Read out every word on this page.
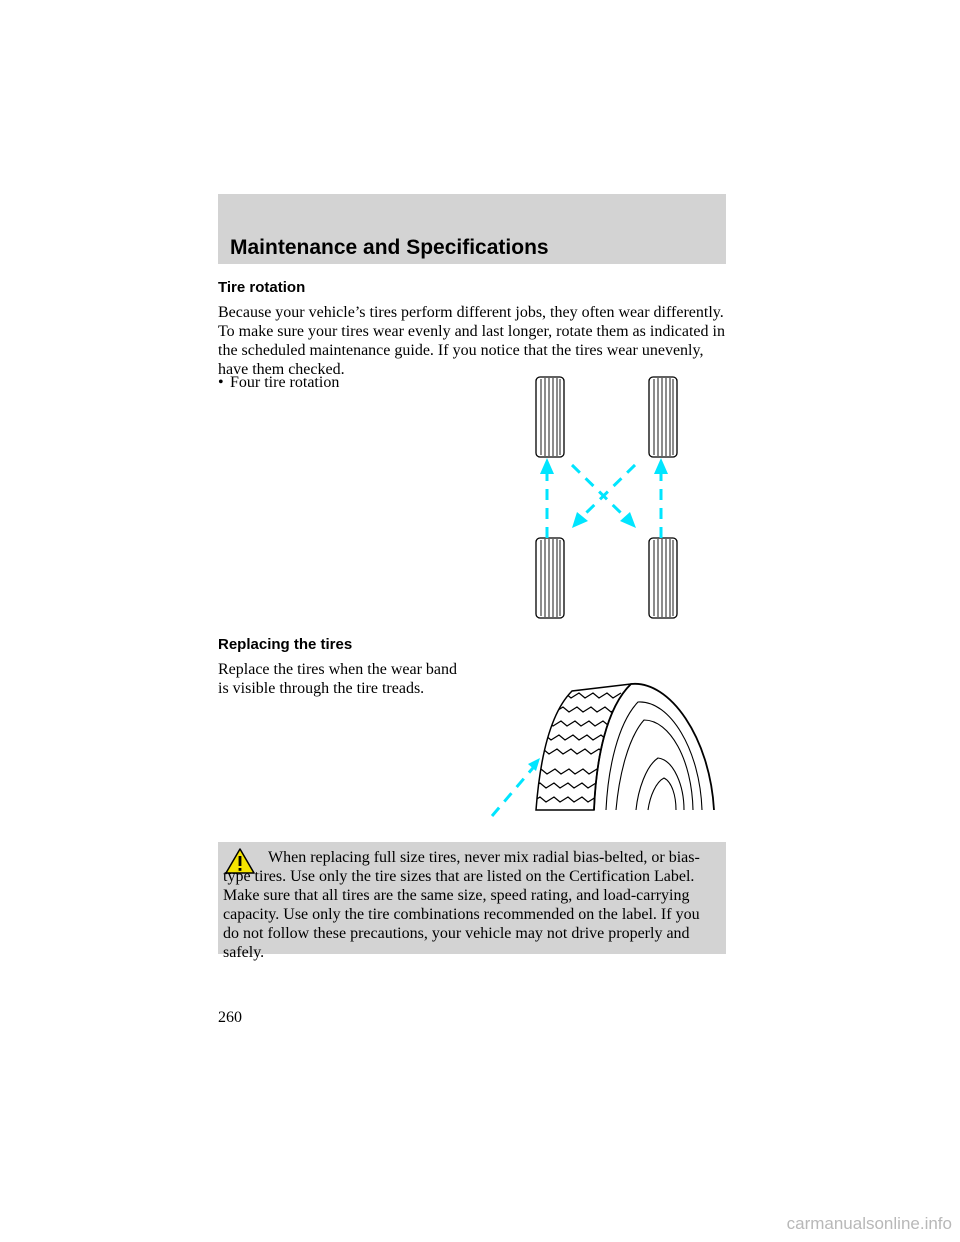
Maintenance and Specifications
Tire rotation

Because your vehicle’s tires perform different jobs, they often wear differently. To make sure your tires wear evenly and last longer, rotate them as indicated in the scheduled maintenance guide. If you notice that the tires wear unevenly, have them checked.

• Four tire rotation
Replacing the tires

Replace the tires when the wear band is visible through the tire treads.

When replacing full size tires, never mix radial bias-belted, or bias-type tires. Use only the tire sizes that are listed on the Certification Label. Make sure that all tires are the same size, speed rating, and load-carrying capacity. Use only the tire combinations recommended on the label. If you do not follow these precautions, your vehicle may not drive properly and safely.

260
carmanualsonline.info
